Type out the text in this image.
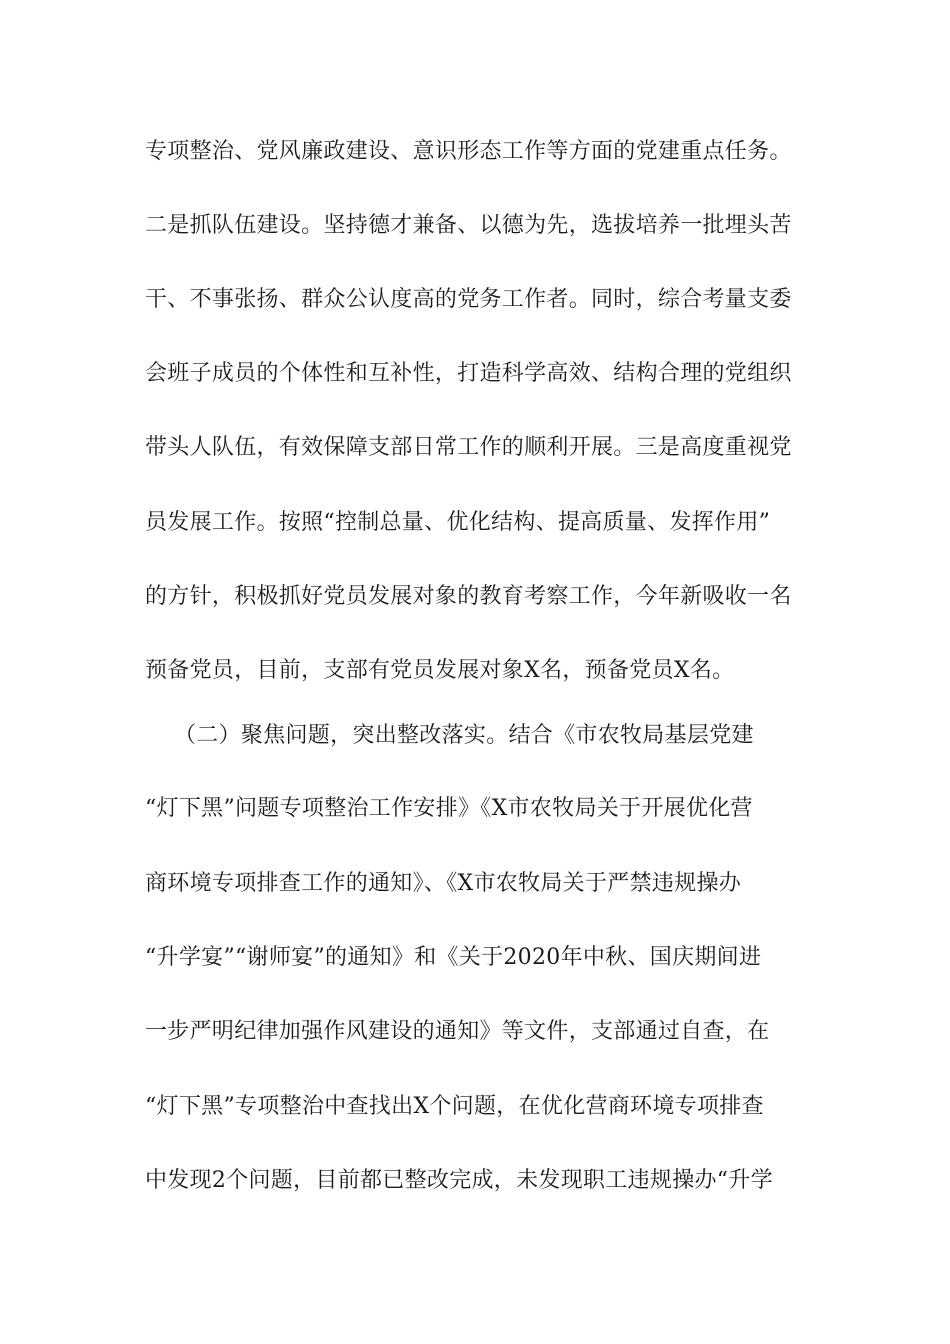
专项整治、党风廉政建设、意识形态工作等方面的党建重点任务。
二是抓队伍建设。坚持德才兼备、以德为先，选拔培养一批埋头苦
干、不事张扬、群众公认度高的党务工作者。同时，综合考量支委
会班子成员的个体性和互补性，打造科学高效、结构合理的党组织
带头人队伍，有效保障支部日常工作的顺利开展。三是高度重视党
员发展工作。按照“控制总量、优化结构、提高质量、发挥作用”
的方针，积极抓好党员发展对象的教育考察工作，今年新吸收一名
预备党员，目前，支部有党员发展对象X名，预备党员X名。
（二）聚焦问题，突出整改落实。结合《市农牧局基层党建
“灯下黑”问题专项整治工作安排》《X市农牧局关于开展优化营
商环境专项排查工作的通知》、《X市农牧局关于严禁违规操办
“升学宴”“谢师宴”的通知》和《关于2020年中秋、国庆期间进
一步严明纪律加强作风建设的通知》等文件，支部通过自查，在
“灯下黑”专项整治中查找出X个问题，在优化营商环境专项排查
中发现2个问题，目前都已整改完成，未发现职工违规操办“升学
